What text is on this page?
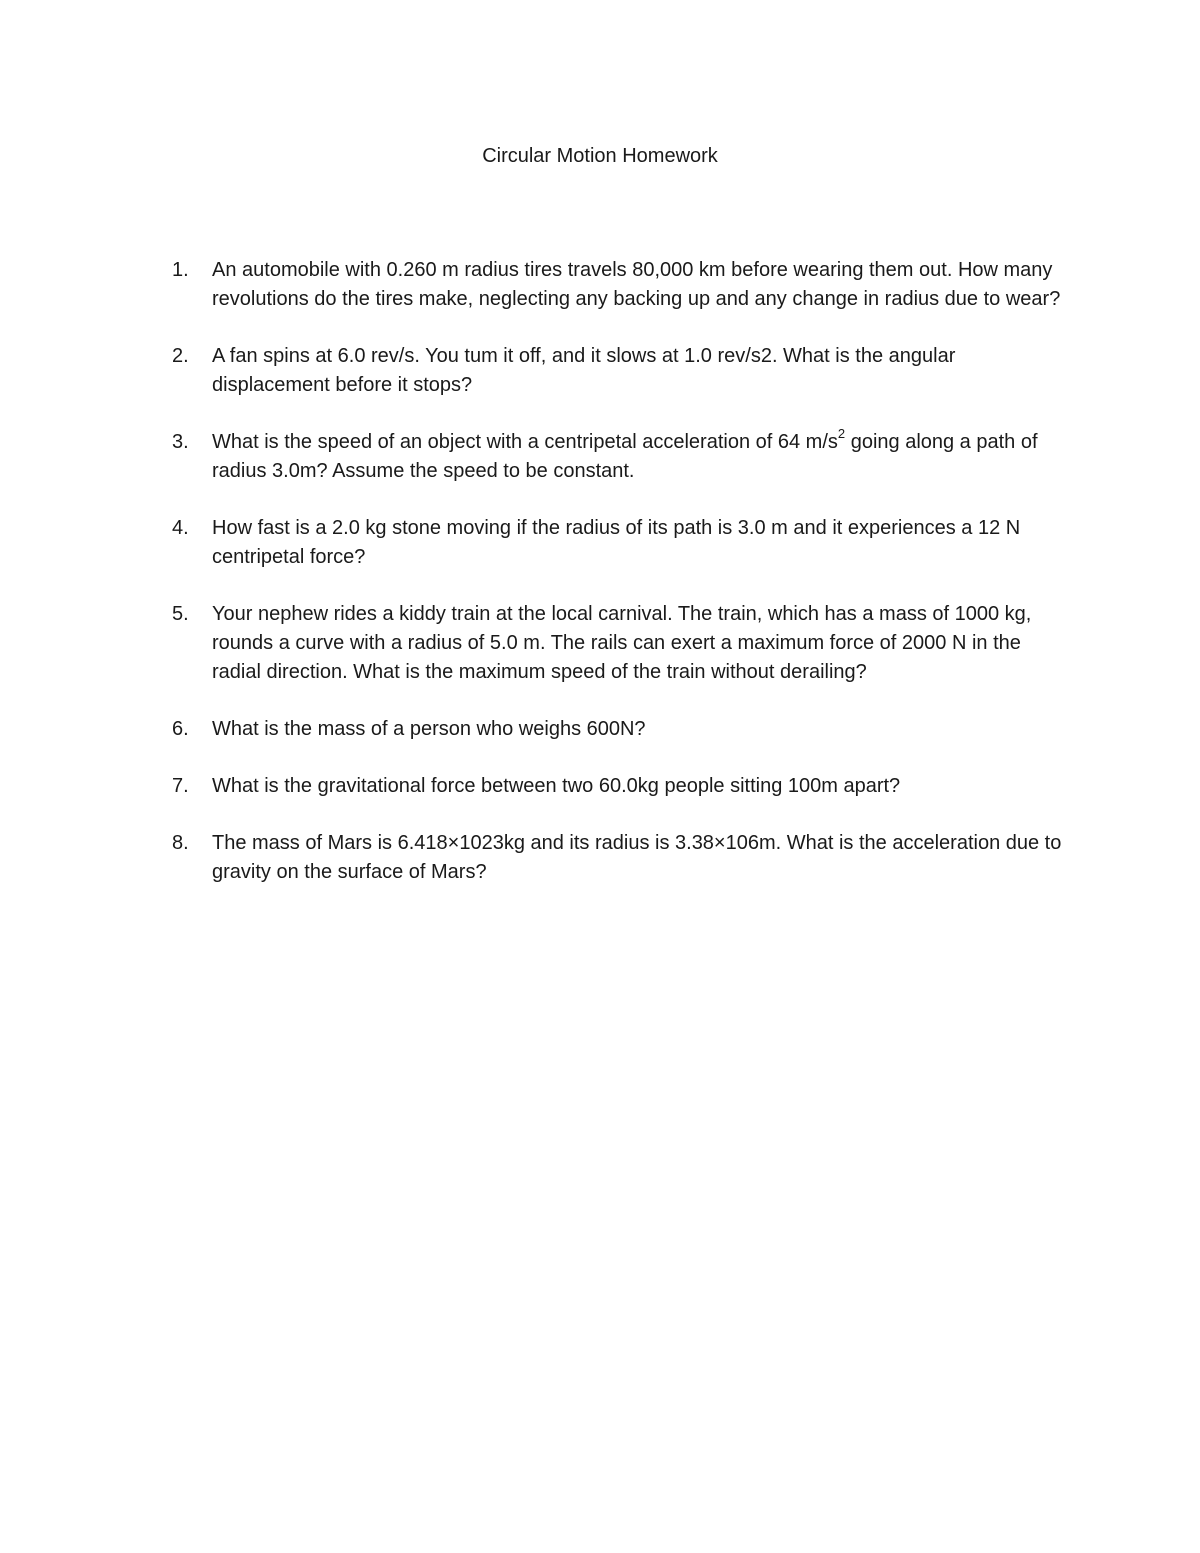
Circular Motion Homework
1.	An automobile with 0.260 m radius tires travels 80,000 km before wearing them out. How many revolutions do the tires make, neglecting any backing up and any change in radius due to wear?
2.	A fan spins at 6.0 rev/s. You tum it off, and it slows at 1.0 rev/s2. What is the angular displacement before it stops?
3.	What is the speed of an object with a centripetal acceleration of 64 $m/s^2$ going along a path of radius 3.0m? Assume the speed to be constant.
4.	How fast is a 2.0 kg stone moving if the radius of its path is 3.0 m and it experiences a 12 N centripetal force?
5.	Your nephew rides a kiddy train at the local carnival. The train, which has a mass of 1000 kg, rounds a curve with a radius of 5.0 m. The rails can exert a maximum force of 2000 N in the radial direction. What is the maximum speed of the train without derailing?
6.	What is the mass of a person who weighs 600N?
7.	What is the gravitational force between two 60.0kg people sitting 100m apart?
8.	The mass of Mars is 6.418×1023kg and its radius is 3.38×106m. What is the acceleration due to gravity on the surface of Mars?
